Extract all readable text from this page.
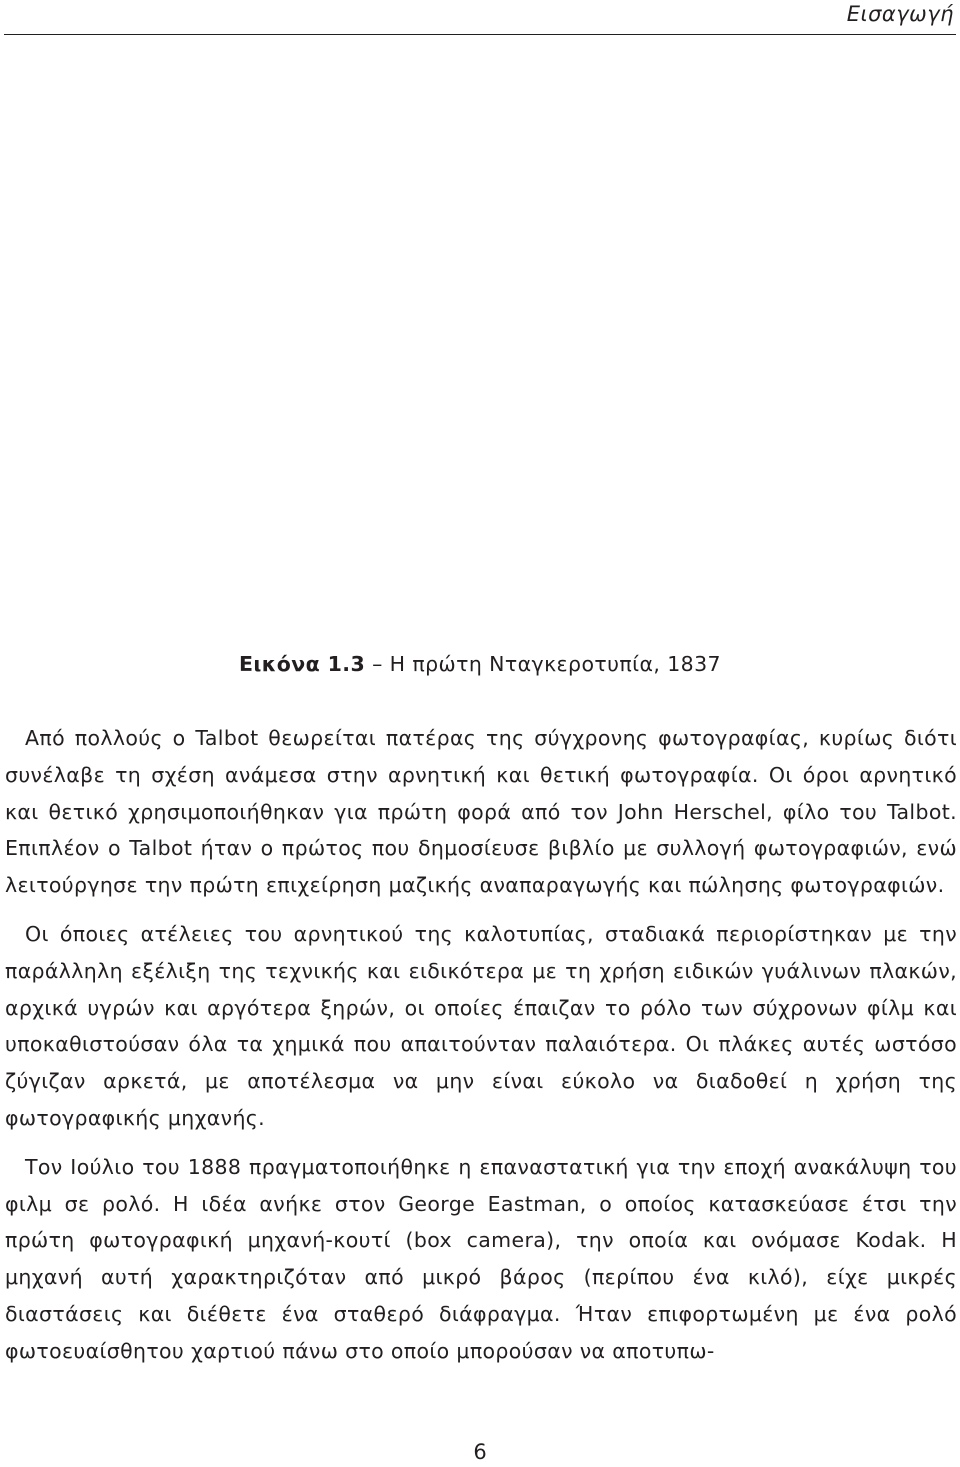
Εισαγωγή
Εικόνα 1.3 – Η πρώτη Νταγκεροτυπία, 1837

Από πολλούς ο Talbot θεωρείται πατέρας της σύγχρονης φωτογραφίας, κυρίως διότι συνέλαβε τη σχέση ανάμεσα στην αρνητική και θετική φωτογραφία. Οι όροι αρνητικό και θετικό χρησιμοποιήθηκαν για πρώτη φορά από τον John Herschel, φίλο του Talbot. Επιπλέον ο Talbot ήταν ο πρώτος που δημοσίευσε βιβλίο με συλλογή φωτογραφιών, ενώ λειτούργησε την πρώτη επιχείρηση μαζικής αναπαραγωγής και πώλησης φωτογραφιών.

Οι όποιες ατέλειες του αρνητικού της καλοτυπίας, σταδιακά περιορίστηκαν με την παράλληλη εξέλιξη της τεχνικής και ειδικότερα με τη χρήση ειδικών γυάλινων πλακών, αρχικά υγρών και αργότερα ξηρών, οι οποίες έπαιζαν το ρόλο των σύχρονων φίλμ και υποκαθιστούσαν όλα τα χημικά που απαιτούνταν παλαιότερα. Οι πλάκες αυτές ωστόσο ζύγιζαν αρκετά, με αποτέλεσμα να μην είναι εύκολο να διαδοθεί η χρήση της φωτογραφικής μηχανής.

Τον Ιούλιο του 1888 πραγματοποιήθηκε η επαναστατική για την εποχή ανακάλυψη του φιλμ σε ρολό. Η ιδέα ανήκε στον George Eastman, ο οποίος κατασκεύασε έτσι την πρώτη φωτογραφική μηχανή-κουτί (box camera), την οποία και ονόμασε Kodak. Η μηχανή αυτή χαρακτηριζόταν από μικρό βάρος (περίπου ένα κιλό), είχε μικρές διαστάσεις και διέθετε ένα σταθερό διάφραγμα. Ήταν επιφορτωμένη με ένα ρολό φωτοευαίσθητου χαρτιού πάνω στο οποίο μπορούσαν να αποτυπω-

6
